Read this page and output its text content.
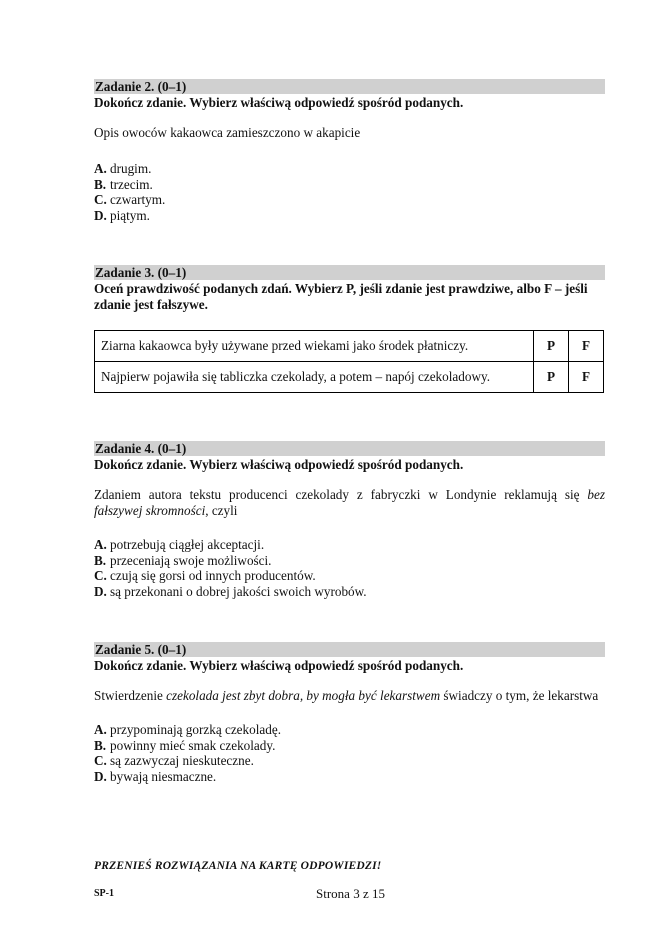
Zadanie 2. (0–1)
Dokończ zdanie. Wybierz właściwą odpowiedź spośród podanych.
Opis owoców kakaowca zamieszczono w akapicie
A. drugim.
B. trzecim.
C. czwartym.
D. piątym.
Zadanie 3. (0–1)
Oceń prawdziwość podanych zdań. Wybierz P, jeśli zdanie jest prawdziwe, albo F – jeśli zdanie jest fałszywe.
Ziarna kakaowca były używane przed wiekami jako środek płatniczy.	P	F
Najpierw pojawiła się tabliczka czekolady, a potem – napój czekoladowy.	P	F
Zadanie 4. (0–1)
Dokończ zdanie. Wybierz właściwą odpowiedź spośród podanych.
Zdaniem autora tekstu producenci czekolady z fabryczki w Londynie reklamują się bez fałszywej skromności, czyli
A. potrzebują ciągłej akceptacji.
B. przeceniają swoje możliwości.
C. czują się gorsi od innych producentów.
D. są przekonani o dobrej jakości swoich wyrobów.
Zadanie 5. (0–1)
Dokończ zdanie. Wybierz właściwą odpowiedź spośród podanych.
Stwierdzenie czekolada jest zbyt dobra, by mogła być lekarstwem świadczy o tym, że lekarstwa
A. przypominają gorzką czekoladę.
B. powinny mieć smak czekolady.
C. są zazwyczaj nieskuteczne.
D. bywają niesmaczne.
PRZENIEŚ ROZWIĄZANIA NA KARTĘ ODPOWIEDZI!
SP-1	Strona 3 z 15
